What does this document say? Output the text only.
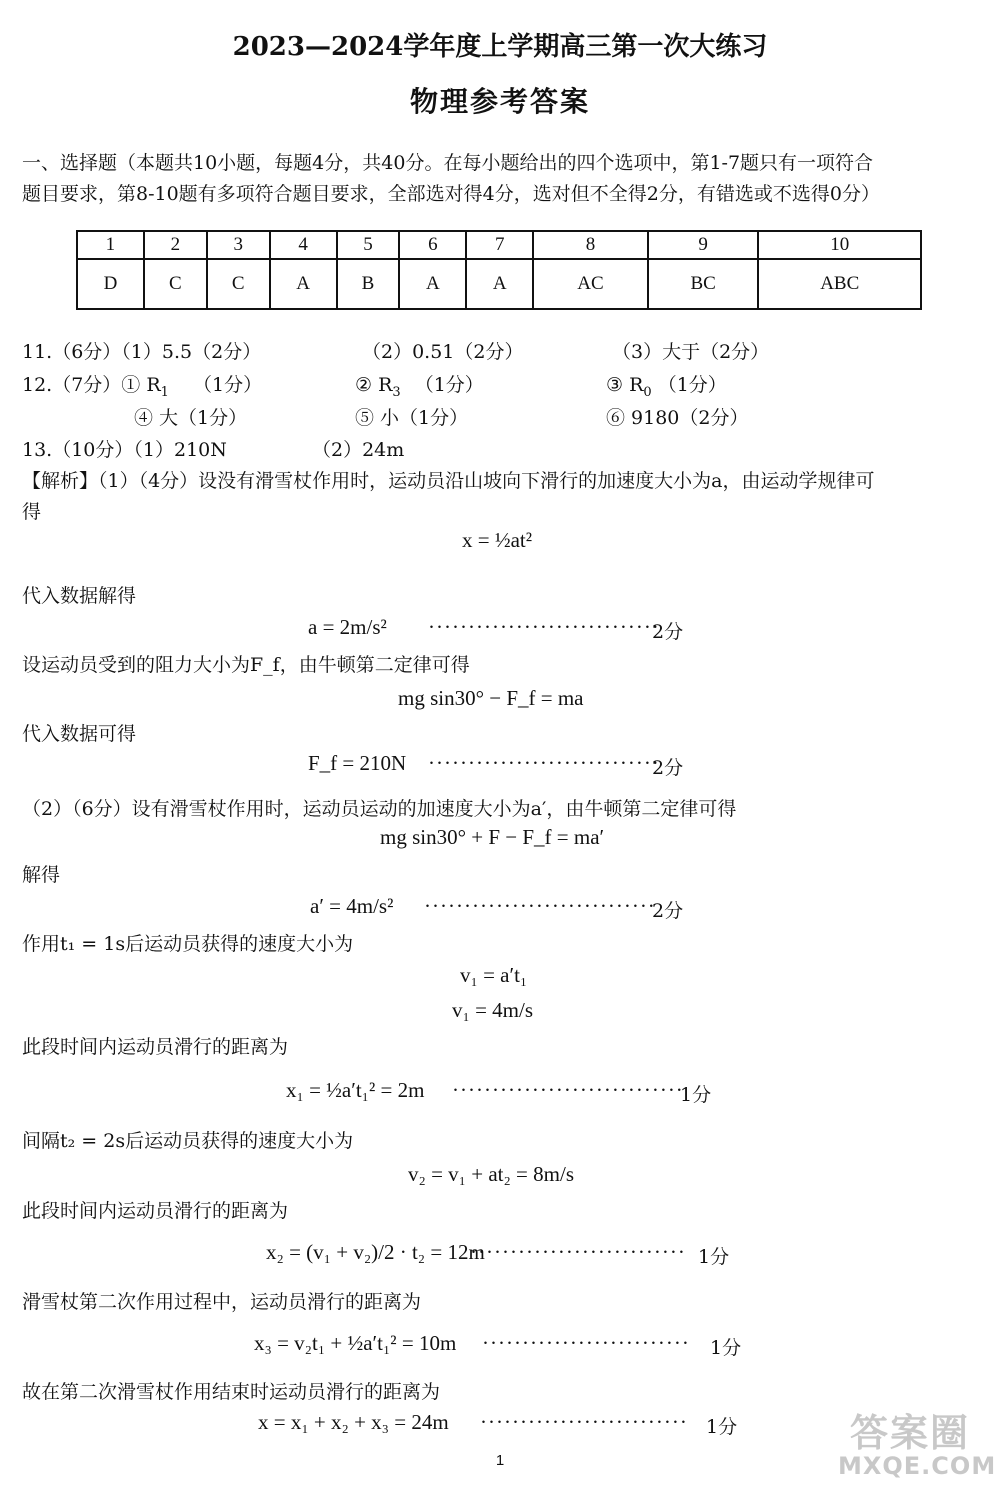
2023—2024学年度上学期高三第一次大练习
物理参考答案
一、选择题（本题共10小题，每题4分，共40分。在每小题给出的四个选项中，第1-7题只有一项符合
题目要求，第8-10题有多项符合题目要求，全部选对得4分，选对但不全得2分，有错选或不选得0分）
1	2	3	4	5	6	7	8	9	10
D	C	C	A	B	A	A	AC	BC	ABC
11.（6分）（1）5.5（2分）	（2）0.51（2分）	（3）大于（2分）
12.（7分）① $R_1$ （1分）	② $R_3$ （1分）	③ $R_0$ （1分）
④ 大（1分）	⑤ 小（1分）	⑥ 9180（2分）
13.（10分）（1）210N	（2）24m
【解析】（1）（4分）设没有滑雪杖作用时，运动员沿山坡向下滑行的加速度大小为a，由运动学规律可
得
x = ½at²
代入数据解得
a = 2m/s² ·····························
2分
设运动员受到的阻力大小为F_f，由牛顿第二定律可得
mg sin30° − F_f = ma
代入数据可得
F_f = 210N ·····························
2分
（2）（6分）设有滑雪杖作用时，运动员运动的加速度大小为a′，由牛顿第二定律可得
mg sin30° + F − F_f = ma′
解得
a′ = 4m/s² ·····························
2分
作用t₁ = 1s后运动员获得的速度大小为
v₁ = a′t₁
v₁ = 4m/s
此段时间内运动员滑行的距离为
x₁ = ½a′t₁² = 2m ·····························
1分
间隔t₂ = 2s后运动员获得的速度大小为
v₂ = v₁ + at₂ = 8m/s
此段时间内运动员滑行的距离为
x₂ = (v₁ + v₂)/2 · t₂ = 12m
··························· 1分
滑雪杖第二次作用过程中，运动员滑行的距离为
x₃ = v₂t₁ + ½a′t₁² = 10m ·························· 1分
故在第二次滑雪杖作用结束时运动员滑行的距离为
x = x₁ + x₂ + x₃ = 24m ·························· 1分
1
答案圈
MXQE.COM
